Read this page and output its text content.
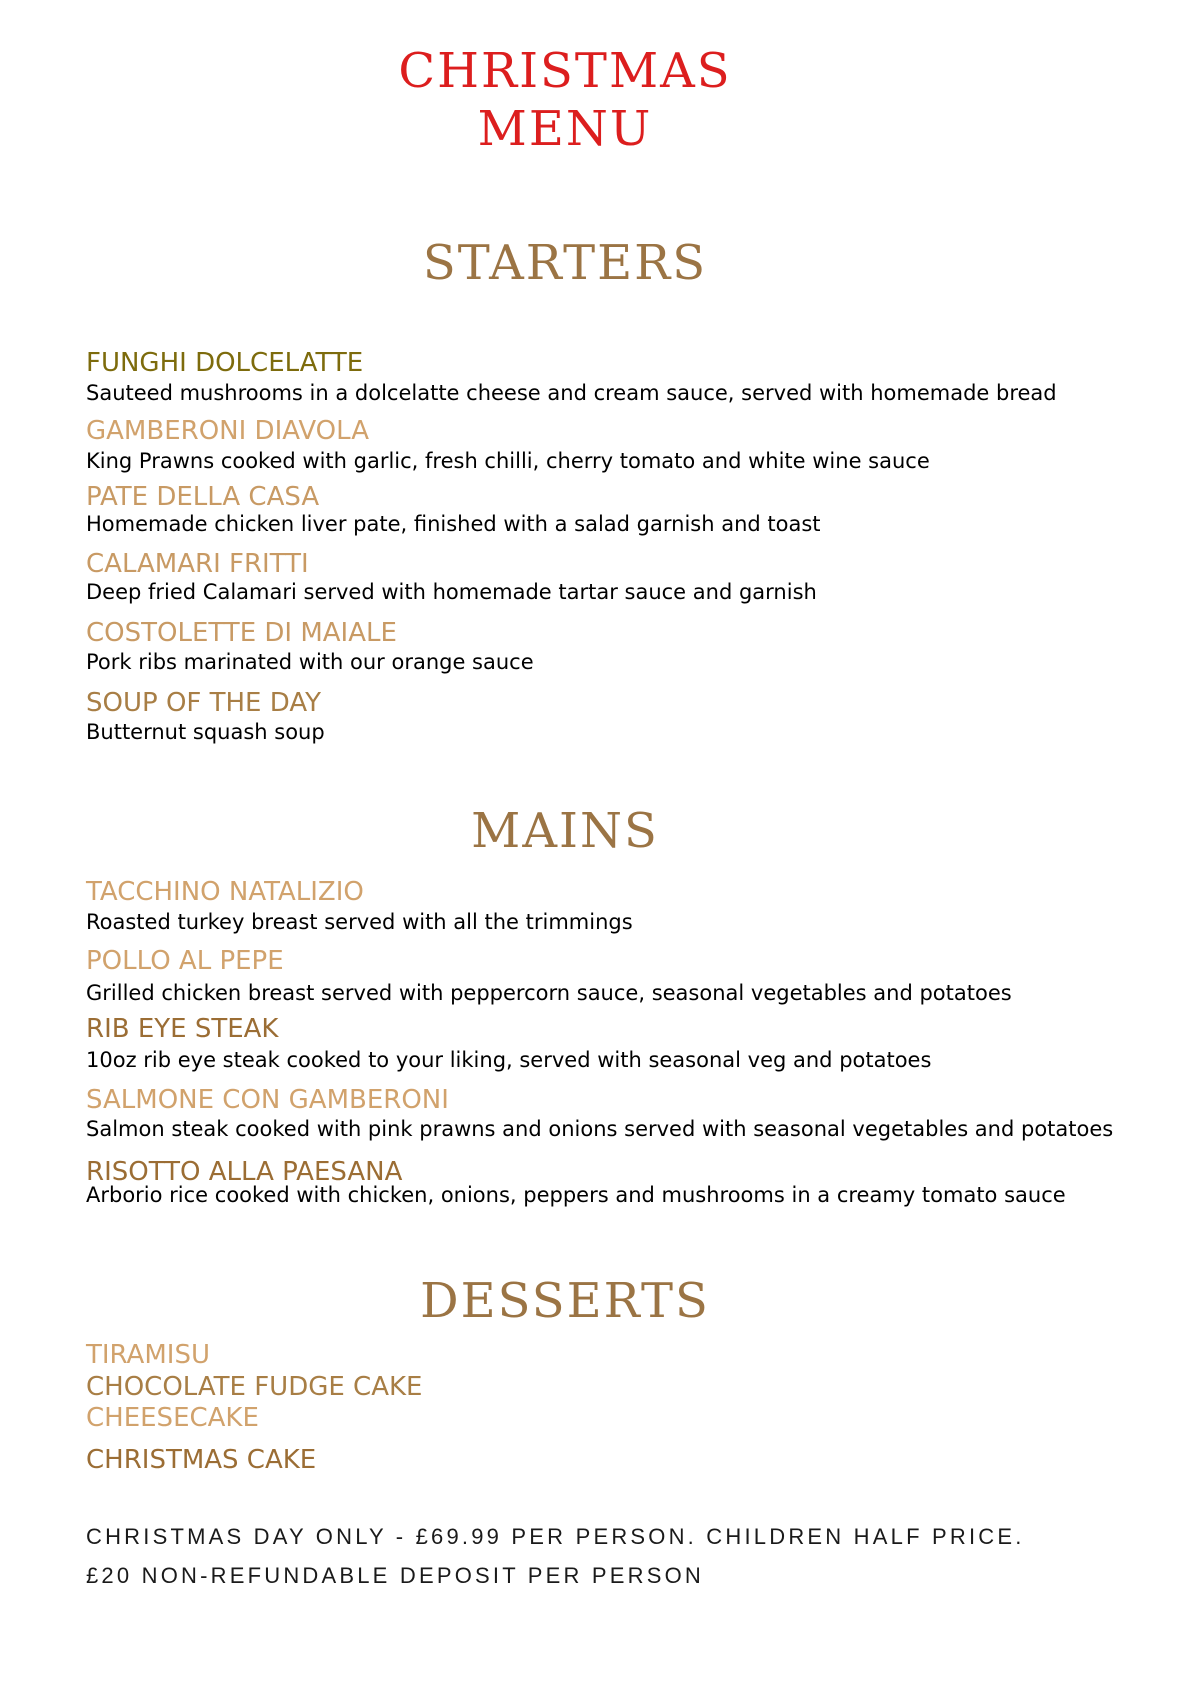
CHRISTMAS
MENU
STARTERS
FUNGHI DOLCELATTE
Sauteed mushrooms in a dolcelatte cheese and cream sauce, served with homemade bread
GAMBERONI DIAVOLA
King Prawns cooked with garlic, fresh chilli, cherry tomato and white wine sauce
PATE DELLA CASA
Homemade chicken liver pate, finished with a salad garnish and toast
CALAMARI FRITTI
Deep fried Calamari served with homemade tartar sauce and garnish
COSTOLETTE DI MAIALE
Pork ribs marinated with our orange sauce
SOUP OF THE DAY
Butternut squash soup
MAINS
TACCHINO NATALIZIO
Roasted turkey breast served with all the trimmings
POLLO AL PEPE
Grilled chicken breast served with peppercorn sauce, seasonal vegetables and potatoes
RIB EYE STEAK
10oz rib eye steak cooked to your liking, served with seasonal veg and potatoes
SALMONE CON GAMBERONI
Salmon steak cooked with pink prawns and onions served with seasonal vegetables and potatoes
RISOTTO ALLA PAESANA
Arborio rice cooked with chicken, onions, peppers and mushrooms in a creamy tomato sauce
DESSERTS
TIRAMISU
CHOCOLATE FUDGE CAKE
CHEESECAKE
CHRISTMAS CAKE
CHRISTMAS DAY ONLY - £69.99 PER PERSON. CHILDREN HALF PRICE.
£20 NON-REFUNDABLE DEPOSIT PER PERSON
